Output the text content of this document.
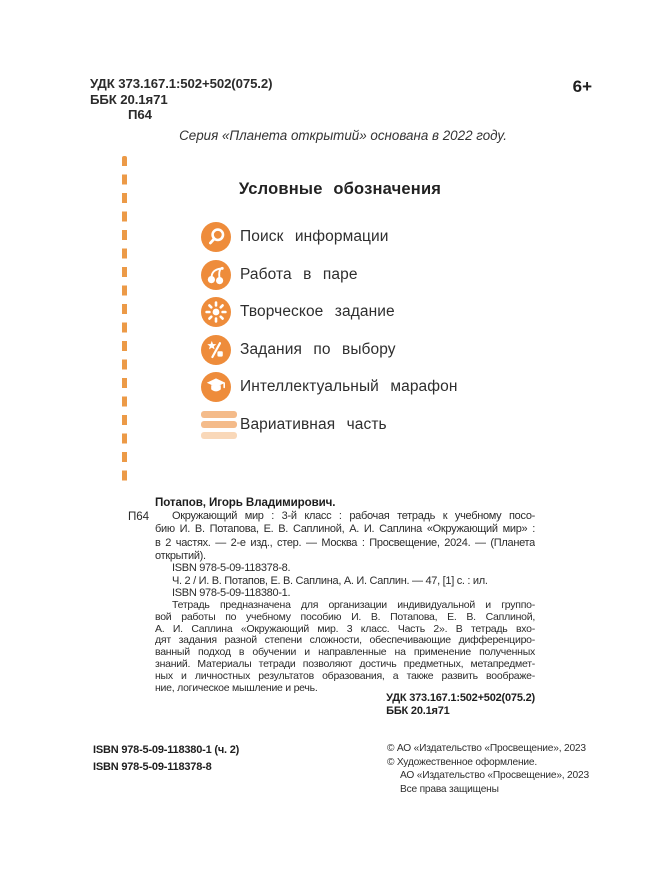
УДК 373.167.1:502+502(075.2)
ББК 20.1я71
П64
6+
Серия «Планета открытий» основана в 2022 году.
Условные обозначения
Поиск информации
Работа в паре
Творческое задание
Задания по выбору
Интеллектуальный марафон
Вариативная часть
Потапов, Игорь Владимирович.
П64	Окружающий мир : 3-й класс : рабочая тетрадь к учебному посо-
бию И. В. Потапова, Е. В. Саплиной, А. И. Саплина «Окружающий мир» :
в 2 частях. — 2-е изд., стер. — Москва : Просвещение, 2024. — (Планета
открытий).
ISBN 978-5-09-118378-8.
Ч. 2 / И. В. Потапов, Е. В. Саплина, А. И. Саплин. — 47, [1] с. : ил.
ISBN 978-5-09-118380-1.
Тетрадь предназначена для организации индивидуальной и группо-
вой работы по учебному пособию И. В. Потапова, Е. В. Саплиной,
А. И. Саплина «Окружающий мир. 3 класс. Часть 2». В тетрадь вхо-
дят задания разной степени сложности, обеспечивающие дифференциро-
ванный подход в обучении и направленные на применение полученных
знаний. Материалы тетради позволяют достичь предметных, метапредмет-
ных и личностных результатов образования, а также развить воображе-
ние, логическое мышление и речь.
УДК 373.167.1:502+502(075.2)
ББК 20.1я71
ISBN 978-5-09-118380-1 (ч. 2)
ISBN 978-5-09-118378-8
© АО «Издательство «Просвещение», 2023
© Художественное оформление.
АО «Издательство «Просвещение», 2023
Все права защищены
